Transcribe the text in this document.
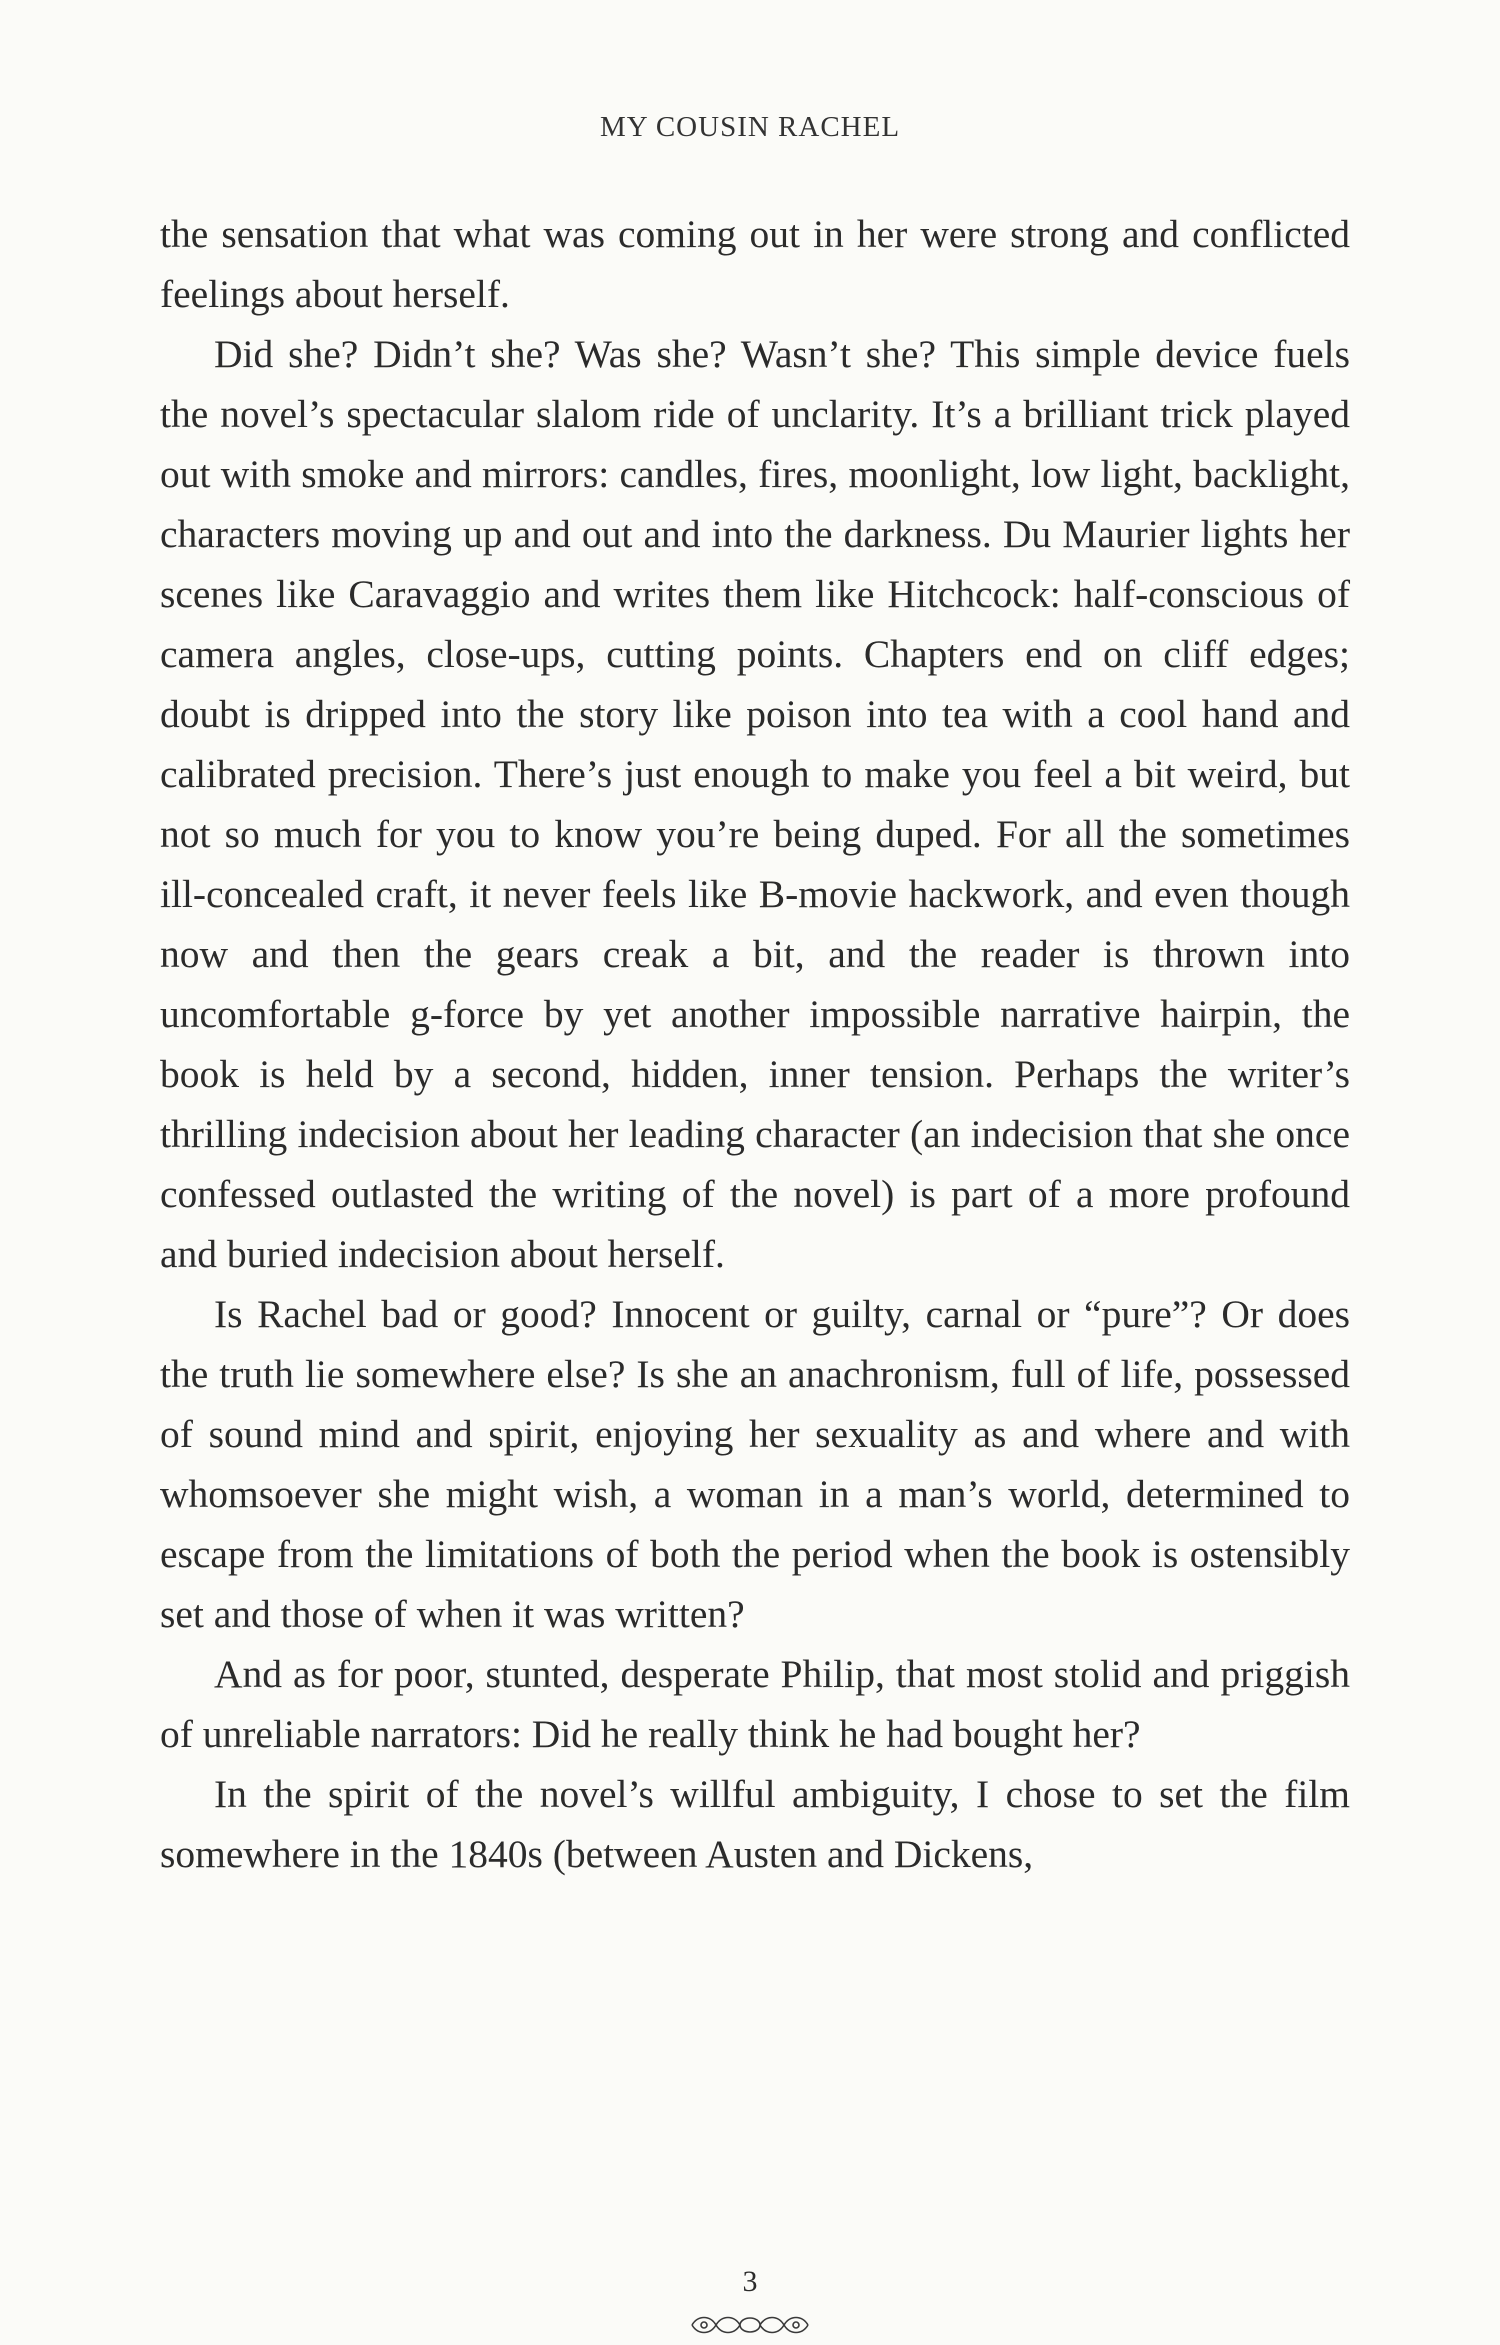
MY COUSIN RACHEL

the sensation that what was coming out in her were strong and conflicted feelings about herself.

Did she? Didn’t she? Was she? Wasn’t she? This simple device fuels the novel’s spectacular slalom ride of unclarity. It’s a brilliant trick played out with smoke and mirrors: candles, fires, moonlight, low light, backlight, characters moving up and out and into the darkness. Du Maurier lights her scenes like Caravaggio and writes them like Hitchcock: half-conscious of camera angles, close-ups, cutting points. Chapters end on cliff edges; doubt is dripped into the story like poison into tea with a cool hand and calibrated precision. There’s just enough to make you feel a bit weird, but not so much for you to know you’re being duped. For all the sometimes ill-concealed craft, it never feels like B-movie hackwork, and even though now and then the gears creak a bit, and the reader is thrown into uncomfortable g-force by yet another impossible narrative hairpin, the book is held by a second, hidden, inner tension. Perhaps the writer’s thrilling indecision about her leading character (an indecision that she once confessed outlasted the writing of the novel) is part of a more profound and buried indecision about herself.

Is Rachel bad or good? Innocent or guilty, carnal or “pure”? Or does the truth lie somewhere else? Is she an anachronism, full of life, possessed of sound mind and spirit, enjoying her sexuality as and where and with whomsoever she might wish, a woman in a man’s world, determined to escape from the limitations of both the period when the book is ostensibly set and those of when it was written?

And as for poor, stunted, desperate Philip, that most stolid and priggish of unreliable narrators: Did he really think he had bought her?

In the spirit of the novel’s willful ambiguity, I chose to set the film somewhere in the 1840s (between Austen and Dickens,

3
